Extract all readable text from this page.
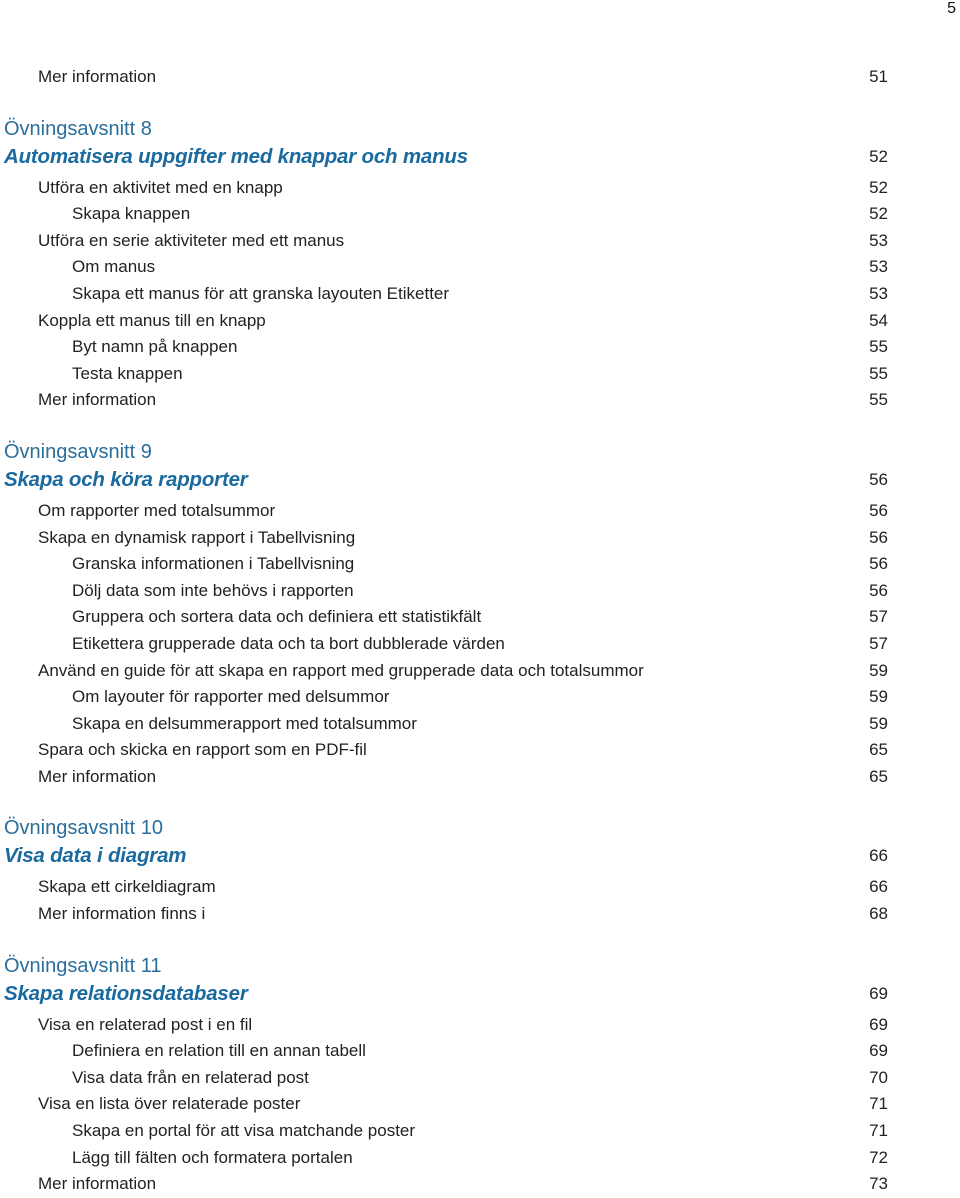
5
Mer information	51
Övningsavsnitt 8
Automatisera uppgifter med knappar och manus	52
Utföra en aktivitet med en knapp	52
Skapa knappen	52
Utföra en serie aktiviteter med ett manus	53
Om manus	53
Skapa ett manus för att granska layouten Etiketter	53
Koppla ett manus till en knapp	54
Byt namn på knappen	55
Testa knappen	55
Mer information	55
Övningsavsnitt 9
Skapa och köra rapporter	56
Om rapporter med totalsummor	56
Skapa en dynamisk rapport i Tabellvisning	56
Granska informationen i Tabellvisning	56
Dölj data som inte behövs i rapporten	56
Gruppera och sortera data och definiera ett statistikfält	57
Etikettera grupperade data och ta bort dubblerade värden	57
Använd en guide för att skapa en rapport med grupperade data och totalsummor	59
Om layouter för rapporter med delsummor	59
Skapa en delsummerapport med totalsummor	59
Spara och skicka en rapport som en PDF-fil	65
Mer information	65
Övningsavsnitt 10
Visa data i diagram	66
Skapa ett cirkeldiagram	66
Mer information finns i	68
Övningsavsnitt 11
Skapa relationsdatabaser	69
Visa en relaterad post i en fil	69
Definiera en relation till en annan tabell	69
Visa data från en relaterad post	70
Visa en lista över relaterade poster	71
Skapa en portal för att visa matchande poster	71
Lägg till fälten och formatera portalen	72
Mer information	73
